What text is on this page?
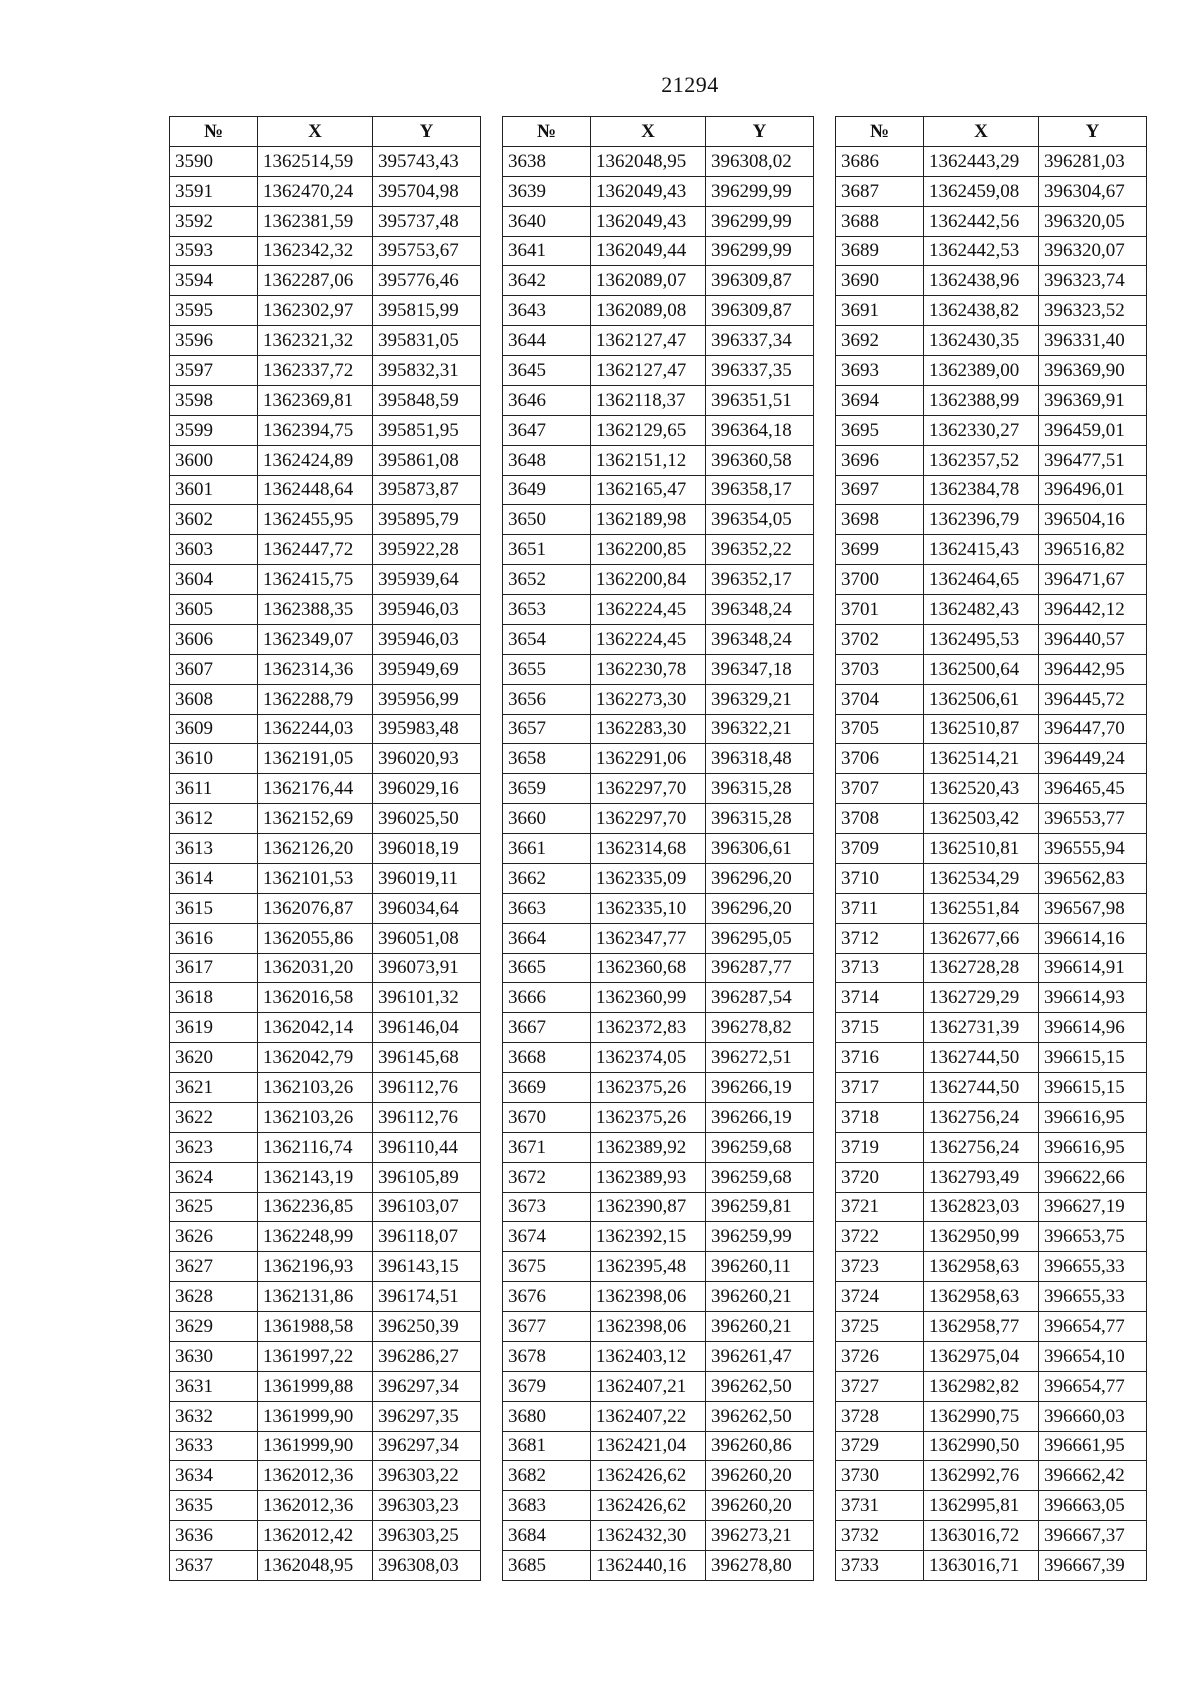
21294
№	X	Y
3590	1362514,59	395743,43
3591	1362470,24	395704,98
3592	1362381,59	395737,48
3593	1362342,32	395753,67
3594	1362287,06	395776,46
3595	1362302,97	395815,99
3596	1362321,32	395831,05
3597	1362337,72	395832,31
3598	1362369,81	395848,59
3599	1362394,75	395851,95
3600	1362424,89	395861,08
3601	1362448,64	395873,87
3602	1362455,95	395895,79
3603	1362447,72	395922,28
3604	1362415,75	395939,64
3605	1362388,35	395946,03
3606	1362349,07	395946,03
3607	1362314,36	395949,69
3608	1362288,79	395956,99
3609	1362244,03	395983,48
3610	1362191,05	396020,93
3611	1362176,44	396029,16
3612	1362152,69	396025,50
3613	1362126,20	396018,19
3614	1362101,53	396019,11
3615	1362076,87	396034,64
3616	1362055,86	396051,08
3617	1362031,20	396073,91
3618	1362016,58	396101,32
3619	1362042,14	396146,04
3620	1362042,79	396145,68
3621	1362103,26	396112,76
3622	1362103,26	396112,76
3623	1362116,74	396110,44
3624	1362143,19	396105,89
3625	1362236,85	396103,07
3626	1362248,99	396118,07
3627	1362196,93	396143,15
3628	1362131,86	396174,51
3629	1361988,58	396250,39
3630	1361997,22	396286,27
3631	1361999,88	396297,34
3632	1361999,90	396297,35
3633	1361999,90	396297,34
3634	1362012,36	396303,22
3635	1362012,36	396303,23
3636	1362012,42	396303,25
3637	1362048,95	396308,03
№	X	Y
3638	1362048,95	396308,02
3639	1362049,43	396299,99
3640	1362049,43	396299,99
3641	1362049,44	396299,99
3642	1362089,07	396309,87
3643	1362089,08	396309,87
3644	1362127,47	396337,34
3645	1362127,47	396337,35
3646	1362118,37	396351,51
3647	1362129,65	396364,18
3648	1362151,12	396360,58
3649	1362165,47	396358,17
3650	1362189,98	396354,05
3651	1362200,85	396352,22
3652	1362200,84	396352,17
3653	1362224,45	396348,24
3654	1362224,45	396348,24
3655	1362230,78	396347,18
3656	1362273,30	396329,21
3657	1362283,30	396322,21
3658	1362291,06	396318,48
3659	1362297,70	396315,28
3660	1362297,70	396315,28
3661	1362314,68	396306,61
3662	1362335,09	396296,20
3663	1362335,10	396296,20
3664	1362347,77	396295,05
3665	1362360,68	396287,77
3666	1362360,99	396287,54
3667	1362372,83	396278,82
3668	1362374,05	396272,51
3669	1362375,26	396266,19
3670	1362375,26	396266,19
3671	1362389,92	396259,68
3672	1362389,93	396259,68
3673	1362390,87	396259,81
3674	1362392,15	396259,99
3675	1362395,48	396260,11
3676	1362398,06	396260,21
3677	1362398,06	396260,21
3678	1362403,12	396261,47
3679	1362407,21	396262,50
3680	1362407,22	396262,50
3681	1362421,04	396260,86
3682	1362426,62	396260,20
3683	1362426,62	396260,20
3684	1362432,30	396273,21
3685	1362440,16	396278,80
№	X	Y
3686	1362443,29	396281,03
3687	1362459,08	396304,67
3688	1362442,56	396320,05
3689	1362442,53	396320,07
3690	1362438,96	396323,74
3691	1362438,82	396323,52
3692	1362430,35	396331,40
3693	1362389,00	396369,90
3694	1362388,99	396369,91
3695	1362330,27	396459,01
3696	1362357,52	396477,51
3697	1362384,78	396496,01
3698	1362396,79	396504,16
3699	1362415,43	396516,82
3700	1362464,65	396471,67
3701	1362482,43	396442,12
3702	1362495,53	396440,57
3703	1362500,64	396442,95
3704	1362506,61	396445,72
3705	1362510,87	396447,70
3706	1362514,21	396449,24
3707	1362520,43	396465,45
3708	1362503,42	396553,77
3709	1362510,81	396555,94
3710	1362534,29	396562,83
3711	1362551,84	396567,98
3712	1362677,66	396614,16
3713	1362728,28	396614,91
3714	1362729,29	396614,93
3715	1362731,39	396614,96
3716	1362744,50	396615,15
3717	1362744,50	396615,15
3718	1362756,24	396616,95
3719	1362756,24	396616,95
3720	1362793,49	396622,66
3721	1362823,03	396627,19
3722	1362950,99	396653,75
3723	1362958,63	396655,33
3724	1362958,63	396655,33
3725	1362958,77	396654,77
3726	1362975,04	396654,10
3727	1362982,82	396654,77
3728	1362990,75	396660,03
3729	1362990,50	396661,95
3730	1362992,76	396662,42
3731	1362995,81	396663,05
3732	1363016,72	396667,37
3733	1363016,71	396667,39
